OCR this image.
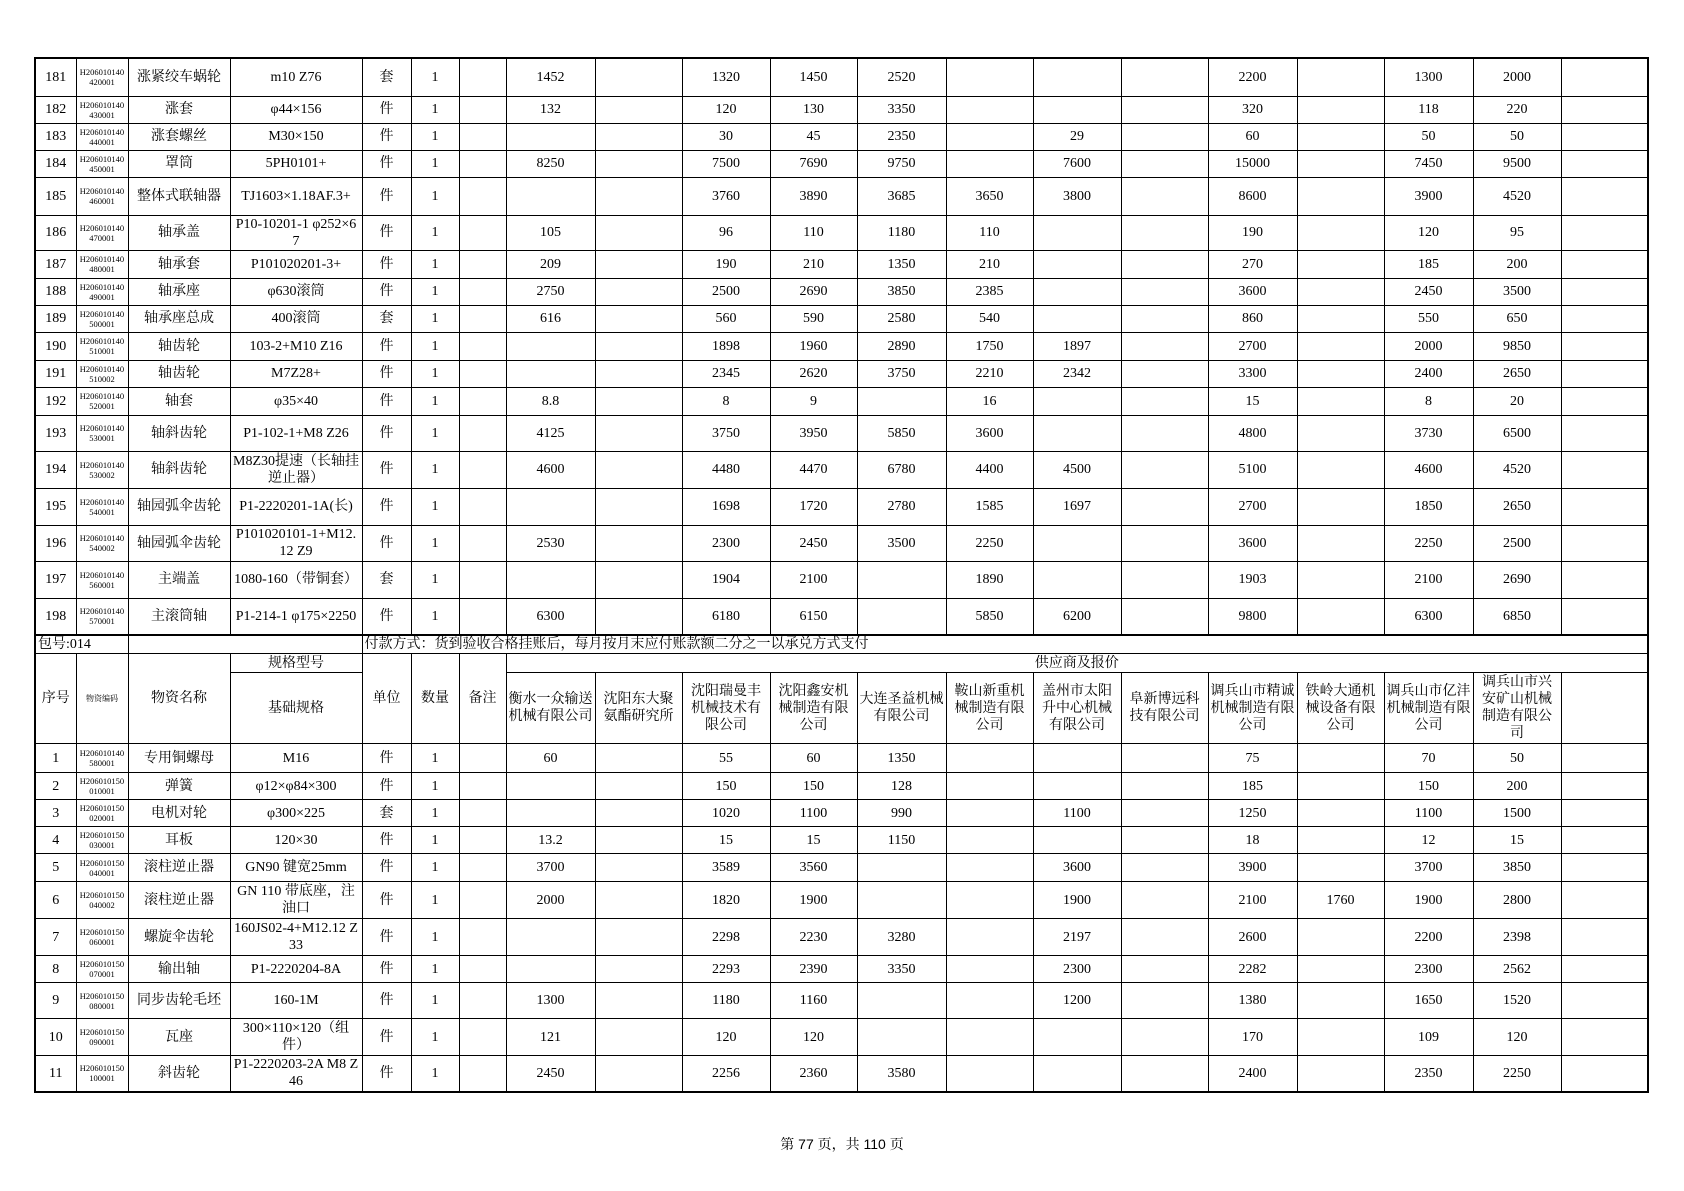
181	H206010140420001	涨紧绞车蜗轮	m10 Z76	套	1		1452		1320	1450	2520				2200		1300	2000	
182	H206010140430001	涨套	φ44×156	件	1		132		120	130	3350				320		118	220	
183	H206010140440001	涨套螺丝	M30×150	件	1				30	45	2350		29		60		50	50	
184	H206010140450001	罩筒	5PH0101+	件	1		8250		7500	7690	9750		7600		15000		7450	9500	
185	H206010140460001	整体式联轴器	TJ1603×1.18AF.3+	件	1				3760	3890	3685	3650	3800		8600		3900	4520	
186	H206010140470001	轴承盖	P10-10201-1 φ252×67	件	1		105		96	110	1180	110			190		120	95	
187	H206010140480001	轴承套	P101020201-3+	件	1		209		190	210	1350	210			270		185	200	
188	H206010140490001	轴承座	φ630滚筒	件	1		2750		2500	2690	3850	2385			3600		2450	3500	
189	H206010140500001	轴承座总成	400滚筒	套	1		616		560	590	2580	540			860		550	650	
190	H206010140510001	轴齿轮	103-2+M10 Z16	件	1				1898	1960	2890	1750	1897		2700		2000	9850	
191	H206010140510002	轴齿轮	M7Z28+	件	1				2345	2620	3750	2210	2342		3300		2400	2650	
192	H206010140520001	轴套	φ35×40	件	1		8.8		8	9		16			15		8	20	
193	H206010140530001	轴斜齿轮	P1-102-1+M8 Z26	件	1		4125		3750	3950	5850	3600			4800		3730	6500	
194	H206010140530002	轴斜齿轮	M8Z30提速（长轴挂逆止器）	件	1		4600		4480	4470	6780	4400	4500		5100		4600	4520	
195	H206010140540001	轴园弧伞齿轮	P1-2220201-1A(长)	件	1				1698	1720	2780	1585	1697		2700		1850	2650	
196	H206010140540002	轴园弧伞齿轮	P101020101-1+M12.12 Z9	件	1		2530		2300	2450	3500	2250			3600		2250	2500	
197	H206010140560001	主端盖	1080-160（带铜套）	套	1				1904	2100		1890			1903		2100	2690	
198	H206010140570001	主滚筒轴	P1-214-1 φ175×2250	件	1		6300		6180	6150		5850	6200		9800		6300	6850	
包号:014				付款方式：货到验收合格挂账后，每月按月末应付账款额二分之一以承兑方式支付															
序号	物资编码	物资名称	规格型号	单位	数量	备注	供应商及报价												
			基础规格				衡水一众输送机械有限公司	沈阳东大聚氨酯研究所	沈阳瑞曼丰机械技术有限公司	沈阳鑫安机械制造有限公司	大连圣益机械有限公司	鞍山新重机械制造有限公司	盖州市太阳升中心机械有限公司	阜新博远科技有限公司	调兵山市精诚机械制造有限公司	铁岭大通机械设备有限公司	调兵山市亿沣机械制造有限公司	调兵山市兴安矿山机械制造有限公司	
1	H206010140580001	专用铜螺母	M16	件	1		60		55	60	1350				75		70	50	
2	H206010150010001	弹簧	φ12×φ84×300	件	1				150	150	128				185		150	200	
3	H206010150020001	电机对轮	φ300×225	套	1				1020	1100	990		1100		1250		1100	1500	
4	H206010150030001	耳板	120×30	件	1		13.2		15	15	1150				18		12	15	
5	H206010150040001	滚柱逆止器	GN90 键宽25mm	件	1		3700		3589	3560			3600		3900		3700	3850	
6	H206010150040002	滚柱逆止器	GN 110 带底座，注油口	件	1		2000		1820	1900			1900		2100	1760	1900	2800	
7	H206010150060001	螺旋伞齿轮	160JS02-4+M12.12 Z33	件	1				2298	2230	3280		2197		2600		2200	2398	
8	H206010150070001	输出轴	P1-2220204-8A	件	1				2293	2390	3350		2300		2282		2300	2562	
9	H206010150080001	同步齿轮毛坯	160-1M	件	1		1300		1180	1160			1200		1380		1650	1520	
10	H206010150090001	瓦座	300×110×120（组件）	件	1		121		120	120					170		109	120	
11	H206010150100001	斜齿轮	P1-2220203-2A M8 Z46	件	1		2450		2256	2360	3580				2400		2350	2250	
第 77 页，共 110 页
